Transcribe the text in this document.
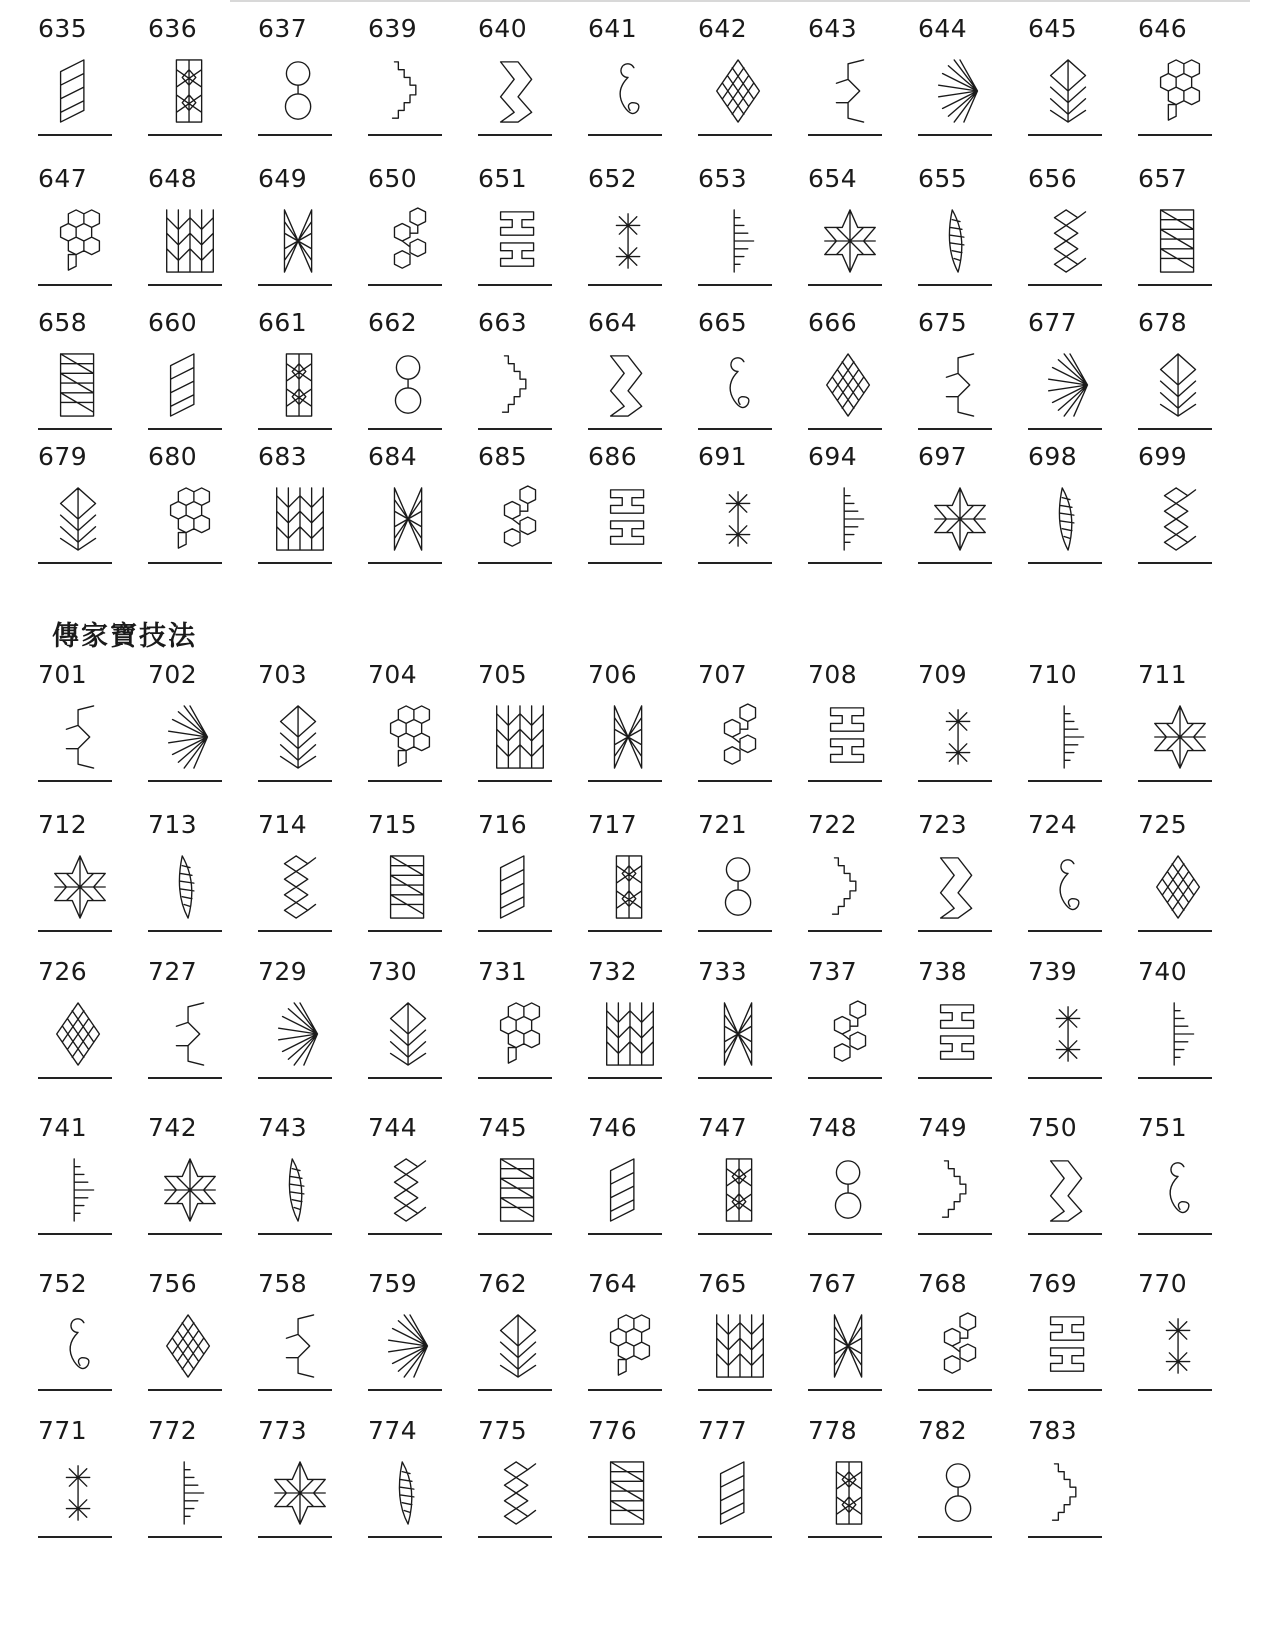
635 636 637 639 640 641 642 643 644 645 646
647 648 649 650 651 652 653 654 655 656 657
658 660 661 662 663 664 665 666 675 677 678
679 680 683 684 685 686 691 694 697 698 699
傳家寶技法
701 702 703 704 705 706 707 708 709 710 711
712 713 714 715 716 717 721 722 723 724 725
726 727 729 730 731 732 733 737 738 739 740
741 742 743 744 745 746 747 748 749 750 751
752 756 758 759 762 764 765 767 768 769 770
771 772 773 774 775 776 777 778 782 783
